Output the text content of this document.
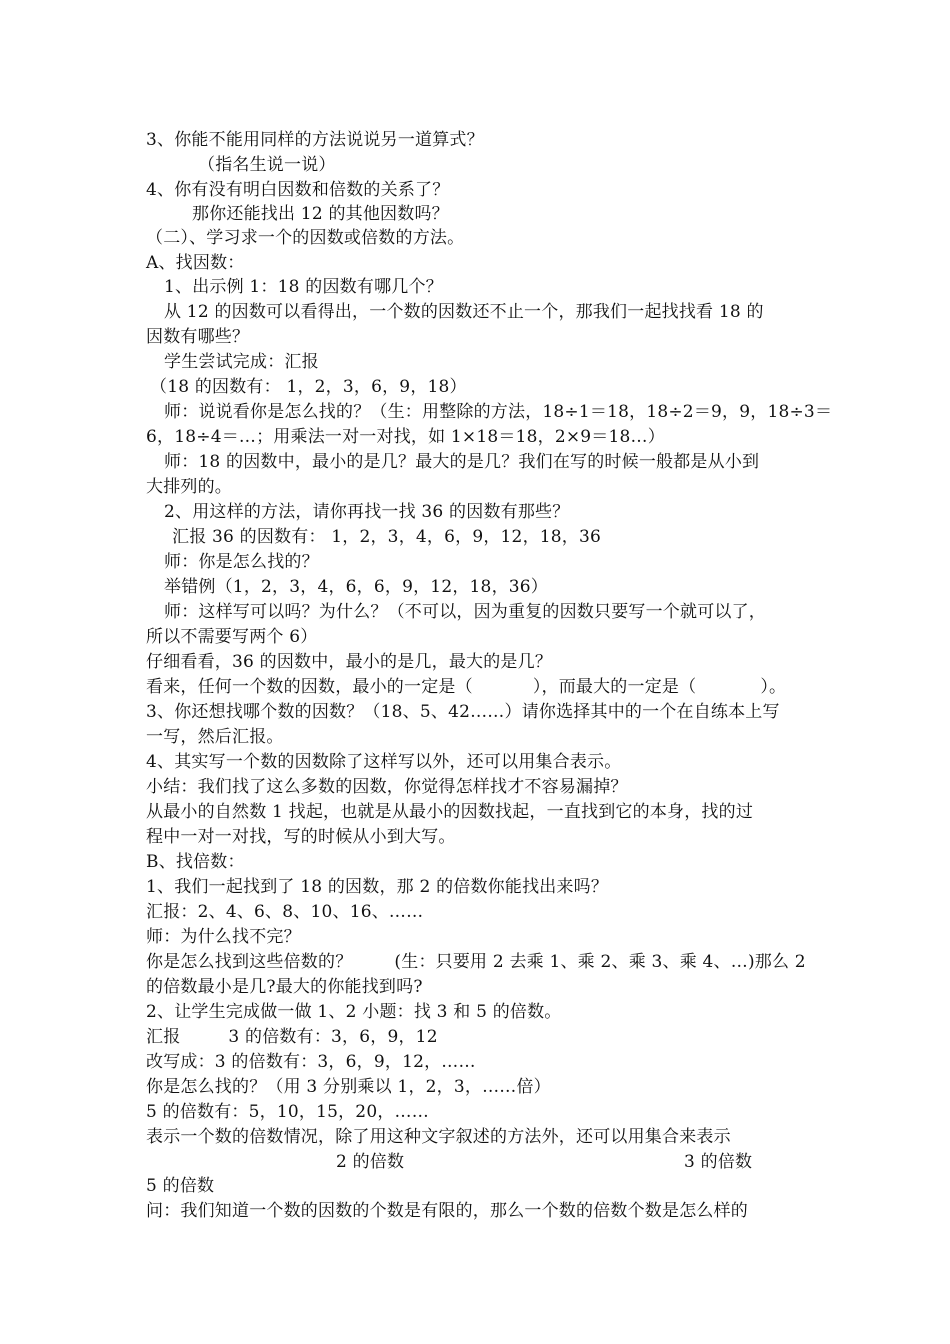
3、你能不能用同样的方法说说另一道算式？
（指名生说一说）
4、你有没有明白因数和倍数的关系了？
那你还能找出 12 的其他因数吗？
（二）、学习求一个的因数或倍数的方法。
A、找因数：
1、出示例 1：18 的因数有哪几个？
从 12 的因数可以看得出，一个数的因数还不止一个，那我们一起找找看 18 的
因数有哪些？
学生尝试完成：汇报
（18 的因数有： 1，2，3，6，9，18）
师：说说看你是怎么找的？（生：用整除的方法，18÷1＝18，18÷2＝9，9，18÷3＝
6，18÷4＝…；用乘法一对一对找，如 1×18＝18，2×9＝18…）
师：18 的因数中，最小的是几？最大的是几？我们在写的时候一般都是从小到
大排列的。
2、用这样的方法，请你再找一找 36 的因数有那些？
汇报 36 的因数有： 1，2，3，4，6，9，12，18，36
师：你是怎么找的？
举错例（1，2，3，4，6，6，9，12，18，36）
师：这样写可以吗？为什么？（不可以，因为重复的因数只要写一个就可以了，
所以不需要写两个 6）
仔细看看，36 的因数中，最小的是几，最大的是几？
看来，任何一个数的因数，最小的一定是（	），而最大的一定是（	）。
3、你还想找哪个数的因数？（18、5、42……）请你选择其中的一个在自练本上写
一写，然后汇报。
4、其实写一个数的因数除了这样写以外，还可以用集合表示。
小结：我们找了这么多数的因数，你觉得怎样找才不容易漏掉？
从最小的自然数 1 找起，也就是从最小的因数找起，一直找到它的本身，找的过
程中一对一对找，写的时候从小到大写。
B、找倍数：
1、我们一起找到了 18 的因数，那 2 的倍数你能找出来吗？
汇报：2、4、6、8、10、16、……
师：为什么找不完？
你是怎么找到这些倍数的？ (生：只要用 2 去乘 1、乘 2、乘 3、乘 4、…)那么 2
的倍数最小是几?最大的你能找到吗?
2、让学生完成做一做 1、2 小题：找 3 和 5 的倍数。
汇报	3 的倍数有：3，6，9，12
改写成：3 的倍数有：3，6，9，12，……
你是怎么找的？（用 3 分别乘以 1，2，3，……倍）
5 的倍数有：5，10，15，20，……
表示一个数的倍数情况，除了用这种文字叙述的方法外，还可以用集合来表示
2 的倍数	3 的倍数
5 的倍数
问：我们知道一个数的因数的个数是有限的，那么一个数的倍数个数是怎么样的
